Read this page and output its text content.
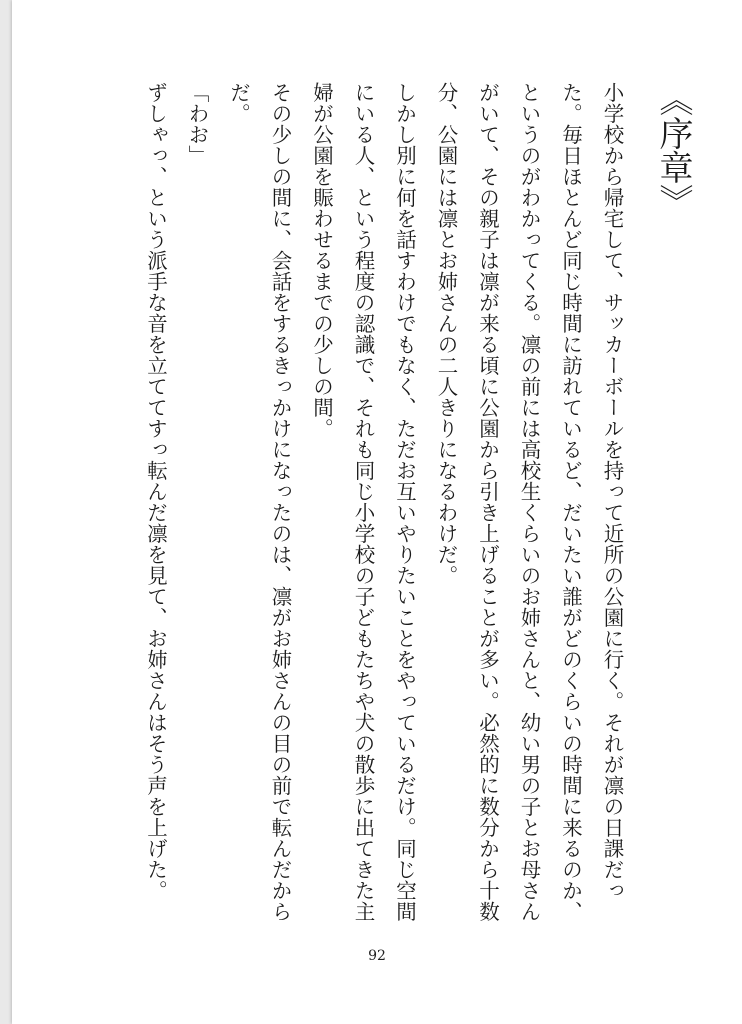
《序章》

小学校から帰宅して、サッカーボールを持って近所の公園に行く。それが凛の日課だった。毎日ほとんど同じ時間に訪れているど、だいたい誰がどのくらいの時間に来るのか、というのがわかってくる。凛の前には高校生くらいのお姉さんと、幼い男の子とお母さんがいて、その親子は凛が来る頃に公園から引き上げることが多い。必然的に数分から十数分、公園には凛とお姉さんの二人きりになるわけだ。

しかし別に何を話すわけでもなく、ただお互いやりたいことをやっているだけ。同じ空間にいる人、という程度の認識で、それも同じ小学校の子どもたちや犬の散歩に出てきた主婦が公園を賑わせるまでの少しの間。

その少しの間に、会話をするきっかけになったのは、凛がお姉さんの目の前で転んだからだ。

「わお」

ずしゃっ、という派手な音を立ててすっ転んだ凛を見て、お姉さんはそう声を上げた。

92
